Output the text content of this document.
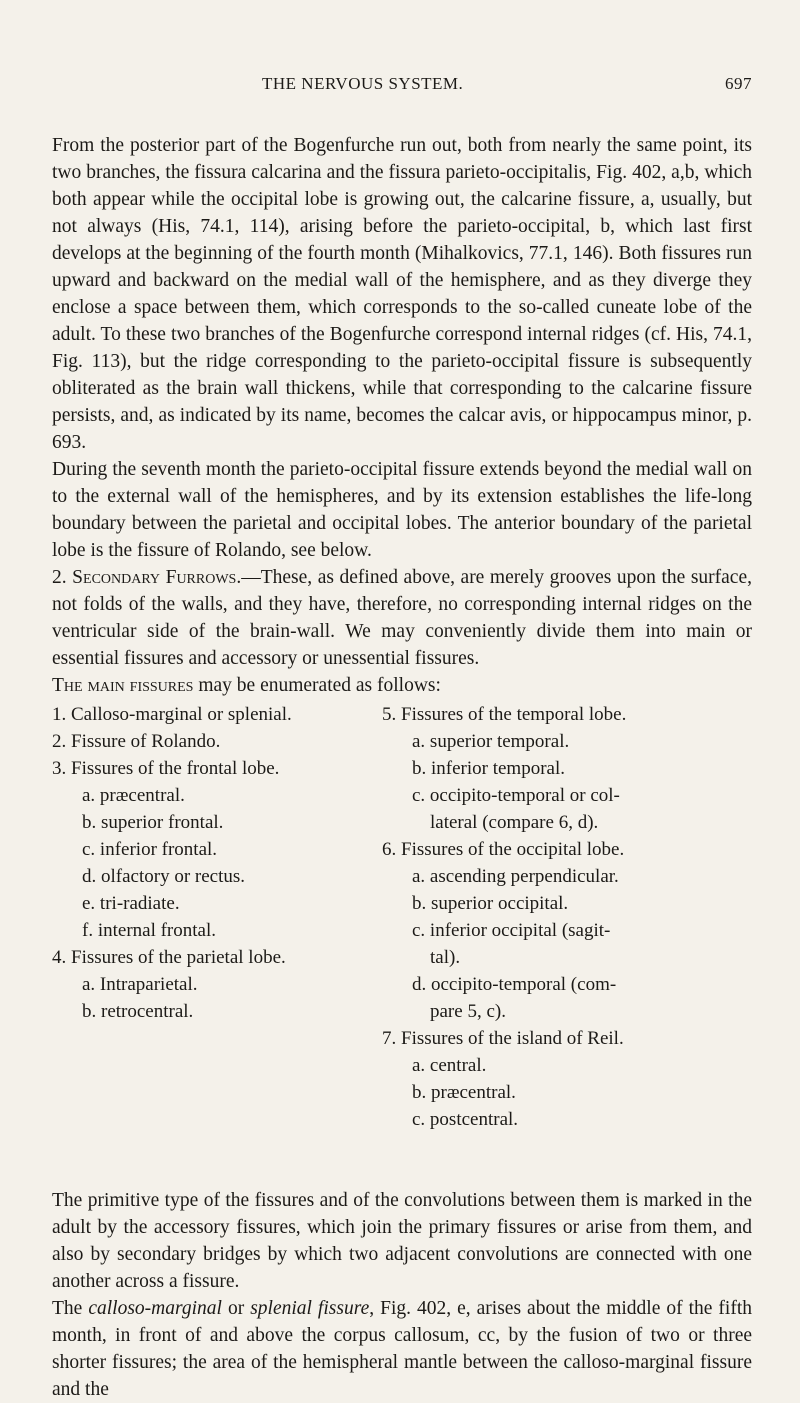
THE NERVOUS SYSTEM.	697

From the posterior part of the Bogenfurche run out, both from nearly the same point, its two branches, the fissura calcarina and the fissura parieto-occipitalis, Fig. 402, a,b, which both appear while the occipital lobe is growing out, the calcarine fissure, a, usually, but not always (His, 74.1, 114), arising before the parieto-occipital, b, which last first develops at the beginning of the fourth month (Mihalkovics, 77.1, 146). Both fissures run upward and backward on the medial wall of the hemisphere, and as they diverge they enclose a space between them, which corresponds to the so-called cuneate lobe of the adult. To these two branches of the Bogenfurche correspond internal ridges (cf. His, 74.1, Fig. 113), but the ridge corresponding to the parieto-occipital fissure is subsequently obliterated as the brain wall thickens, while that corresponding to the calcarine fissure persists, and, as indicated by its name, becomes the calcar avis, or hippocampus minor, p. 693.

During the seventh month the parieto-occipital fissure extends beyond the medial wall on to the external wall of the hemispheres, and by its extension establishes the life-long boundary between the parietal and occipital lobes. The anterior boundary of the parietal lobe is the fissure of Rolando, see below.

2. Secondary Furrows.—These, as defined above, are merely grooves upon the surface, not folds of the walls, and they have, therefore, no corresponding internal ridges on the ventricular side of the brain-wall. We may conveniently divide them into main or essential fissures and accessory or unessential fissures.

The main fissures may be enumerated as follows:

1. Calloso-marginal or splenial.
2. Fissure of Rolando.
3. Fissures of the frontal lobe.
a. præcentral.
b. superior frontal.
c. inferior frontal.
d. olfactory or rectus.
e. tri-radiate.
f. internal frontal.
4. Fissures of the parietal lobe.
a. Intraparietal.
b. retrocentral.
5. Fissures of the temporal lobe.
a. superior temporal.
b. inferior temporal.
c. occipito-temporal or col-
lateral (compare 6, d).
6. Fissures of the occipital lobe.
a. ascending perpendicular.
b. superior occipital.
c. inferior occipital (sagit-
tal).
d. occipito-temporal (com-
pare 5, c).
7. Fissures of the island of Reil.
a. central.
b. præcentral.
c. postcentral.

The primitive type of the fissures and of the convolutions between them is marked in the adult by the accessory fissures, which join the primary fissures or arise from them, and also by secondary bridges by which two adjacent convolutions are connected with one another across a fissure.

The calloso-marginal or splenial fissure, Fig. 402, e, arises about the middle of the fifth month, in front of and above the corpus callosum, cc, by the fusion of two or three shorter fissures; the area of the hemispheral mantle between the calloso-marginal fissure and the
